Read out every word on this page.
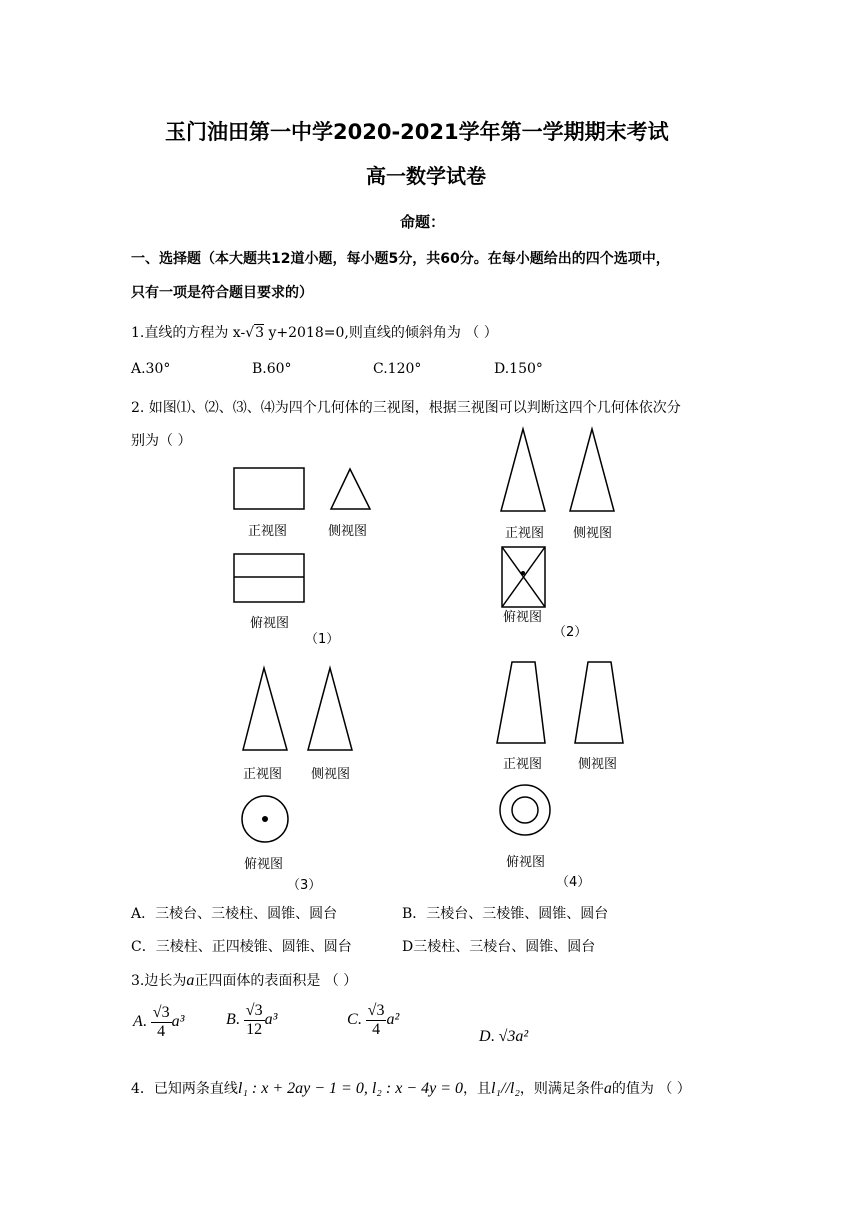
玉门油田第一中学2020-2021学年第一学期期末考试
高一数学试卷
命题：
一、选择题（本大题共12道小题，每小题5分，共60分。在每小题给出的四个选项中，
只有一项是符合题目要求的）
1.直线的方程为 x-√3 y+2018=0,则直线的倾斜角为 （ ）
A.30°	B.60°	C.120°	D.150°
2. 如图⑴、⑵、⑶、⑷为四个几何体的三视图，根据三视图可以判断这四个几何体依次分
别为（ ）
正视图	侧视图
俯视图
（1）
正视图 侧视图
俯视图
（2）
正视图 侧视图
俯视图
（3）
正视图	侧视图
俯视图
（4）
A．三棱台、三棱柱、圆锥、圆台	B．三棱台、三棱锥、圆锥、圆台
C．三棱柱、正四棱锥、圆锥、圆台	D三棱柱、三棱台、圆锥、圆台
3.边长为a正四面体的表面积是 （ ）
A. $\frac{√3}{4} a^3$	B. $\frac{√3}{12} a^3$	C. $\frac{√3}{4} a^2$
D. √3a²
4．已知两条直线l₁ : x + 2ay − 1 = 0, l₂ : x − 4y = 0，且l₁//l₂，则满足条件a的值为 （ ）
